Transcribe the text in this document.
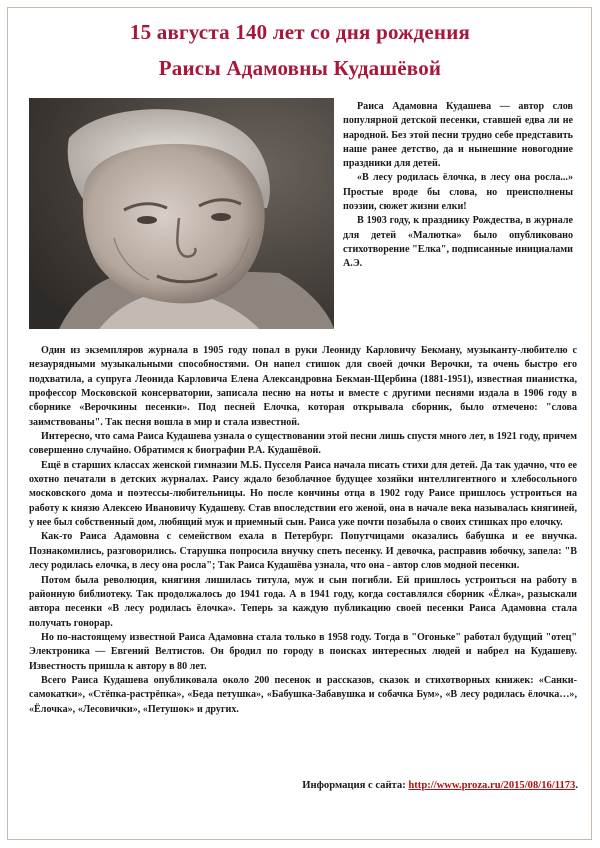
15 августа 140 лет со дня рождения
Раисы Адамовны Кудашёвой

Раиса Адамовна Кудашева — автор слов популярной детской песенки, ставшей едва ли не народной. Без этой песни трудно себе представить наше ранее детство, да и нынешние новогодние праздники для детей.

«В лесу родилась ёлочка, в лесу она росла...» Простые вроде бы слова, но преисполнены поэзии, сюжет жизни елки!

В 1903 году, к празднику Рождества, в журнале для детей «Малютка» было опубликовано стихотворение "Елка", подписанные инициалами А.Э.

Один из экземпляров журнала в 1905 году попал в руки Леониду Карловичу Бекману, музыканту-любителю с незаурядными музыкальными способностями. Он напел стишок для своей дочки Верочки, та очень быстро его подхватила, а супруга Леонида Карловича Елена Александровна Бекман-Щербина (1881-1951), известная пианистка, профессор Московской консерватории, записала песню на ноты и вместе с другими песнями издала в 1906 году в сборнике «Верочкины песенки». Под песней Елочка, которая открывала сборник, было отмечено: "слова заимствованы". Так песня вошла в мир и стала известной.

Интересно, что сама Раиса Кудашева узнала о существовании этой песни лишь спустя много лет, в 1921 году, причем совершенно случайно. Обратимся к биографии Р.А. Кудашёвой.

Ещё в старших классах женской гимназии М.Б. Пусселя Раиса начала писать стихи для детей. Да так удачно, что ее охотно печатали в детских журналах. Раису ждало безоблачное будущее хозяйки интеллигентного и хлебосольного московского дома и поэтессы-любительницы. Но после кончины отца в 1902 году Раисе пришлось устроиться на работу к князю Алексею Ивановичу Кудашеву. Став впоследствии его женой, она в начале века называлась княгиней, у нее был собственный дом, любящий муж и приемный сын. Раиса уже почти позабыла о своих стишках про елочку.

Как-то Раиса Адамовна с семейством ехала в Петербург. Попутчицами оказались бабушка и ее внучка. Познакомились, разговорились. Старушка попросила внучку спеть песенку. И девочка, расправив юбочку, запела: "В лесу родилась елочка, в лесу она росла"; Так Раиса Кудашёва узнала, что она - автор слов модной песенки.

Потом была революция, княгиня лишилась титула, муж и сын погибли. Ей пришлось устроиться на работу в районную библиотеку. Так продолжалось до 1941 года. А в 1941 году, когда составлялся сборник «Ёлка», разыскали автора песенки «В лесу родилась ёлочка». Теперь за каждую публикацию своей песенки Раиса Адамовна стала получать гонорар.

Но по-настоящему известной Раиса Адамовна стала только в 1958 году. Тогда в "Огоньке" работал будущий "отец" Электроника — Евгений Велтистов. Он бродил по городу в поисках интересных людей и набрел на Кудашеву. Известность пришла к автору в 80 лет.

Всего Раиса Кудашева опубликовала около 200 песенок и рассказов, сказок и стихотворных книжек: «Санки-самокатки», «Стёпка-растрёпка», «Беда петушка», «Бабушка-Забавушка и собачка Бум», «В лесу родилась ёлочка…», «Ёлочка», «Лесовички», «Петушок» и других.

Информация с сайта: http://www.proza.ru/2015/08/16/1173.
